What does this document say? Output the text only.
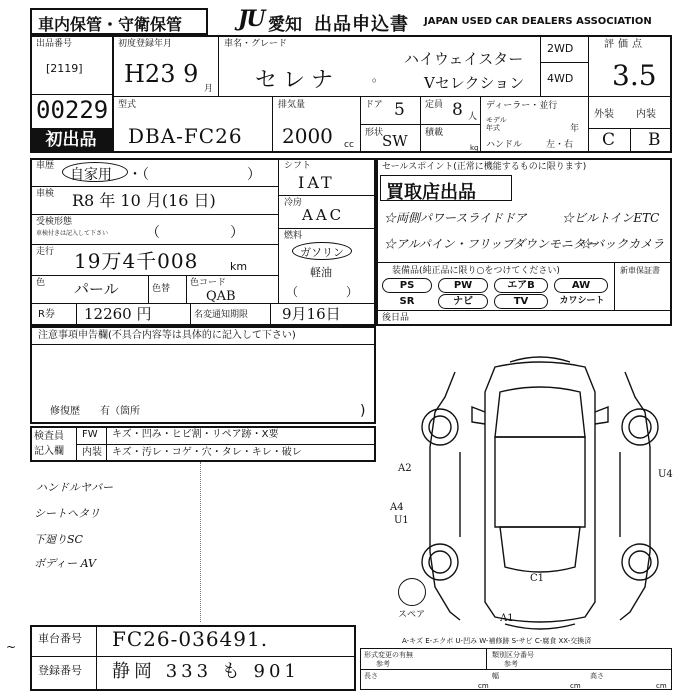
車内保管・守衛保管	JU 愛知 出品申込書 JAPAN USED CAR DEALERS ASSOCIATION
出品番号
[2119]
00229
初出品
初度登録年月
H23 9
月
車名・グレード
ハイウェイスター
セレナ	。	Vセレクション
2WD
4WD
評価点
3.5
外装 内装
C B
型式
DBA-FC26
排気量
2000 cc
ドア 5 定員 8 人
形状
SW 積載
kg
ディーラー・並行
モデル
年式	年
ハンドル	左・右
車歴
自家用 ・（　　　　　　　）
車検 R8 年 10 月(16 日)
受検形態
車検付きは記入して下さい	（　　　　　）
走行 19万4千008	km
色 パール	色替
色コード
QAB
R券 12260 円	名変通知期限 9月16日
シフト
IAT
冷房
AAC
燃料
ガソリン
軽油
（　　　　）
セールスポイント(正常に機能するものに限ります)
買取店出品
☆両側パワースライドドア	☆ビルトインETC
☆アルパイン・フリップダウンモニター
☆バックカメラ
装備品(純正品に限り○をつけてください)	新車保証書
PS	PW	エアB	AW
SR	ナビ	TV	カワシート
後日品
注意事項申告欄(不具合内容等は具体的に記入して下さい)
修復歴　　有（箇所	)
検査員
記入欄
FW キズ・凹み・ヒビ割・リペア跡・X要
内装 キズ・汚レ・コゲ・穴・タレ・キレ・破レ
ハンドルヤバー
シートヘタリ
下廻りSC
ボディー AV
A2
A4
U1
U4
C1
A1
スペア
車台番号 FC26-036491.
登録番号 静岡 333 も 901
~	A-キズ E-エクボ U-凹み W-補修跡 S-サビ C-腐食 XX-交換済
形式変更の有無
参考
類別区分番号
参考
長さ
cm
幅
cm
高さ
cm
